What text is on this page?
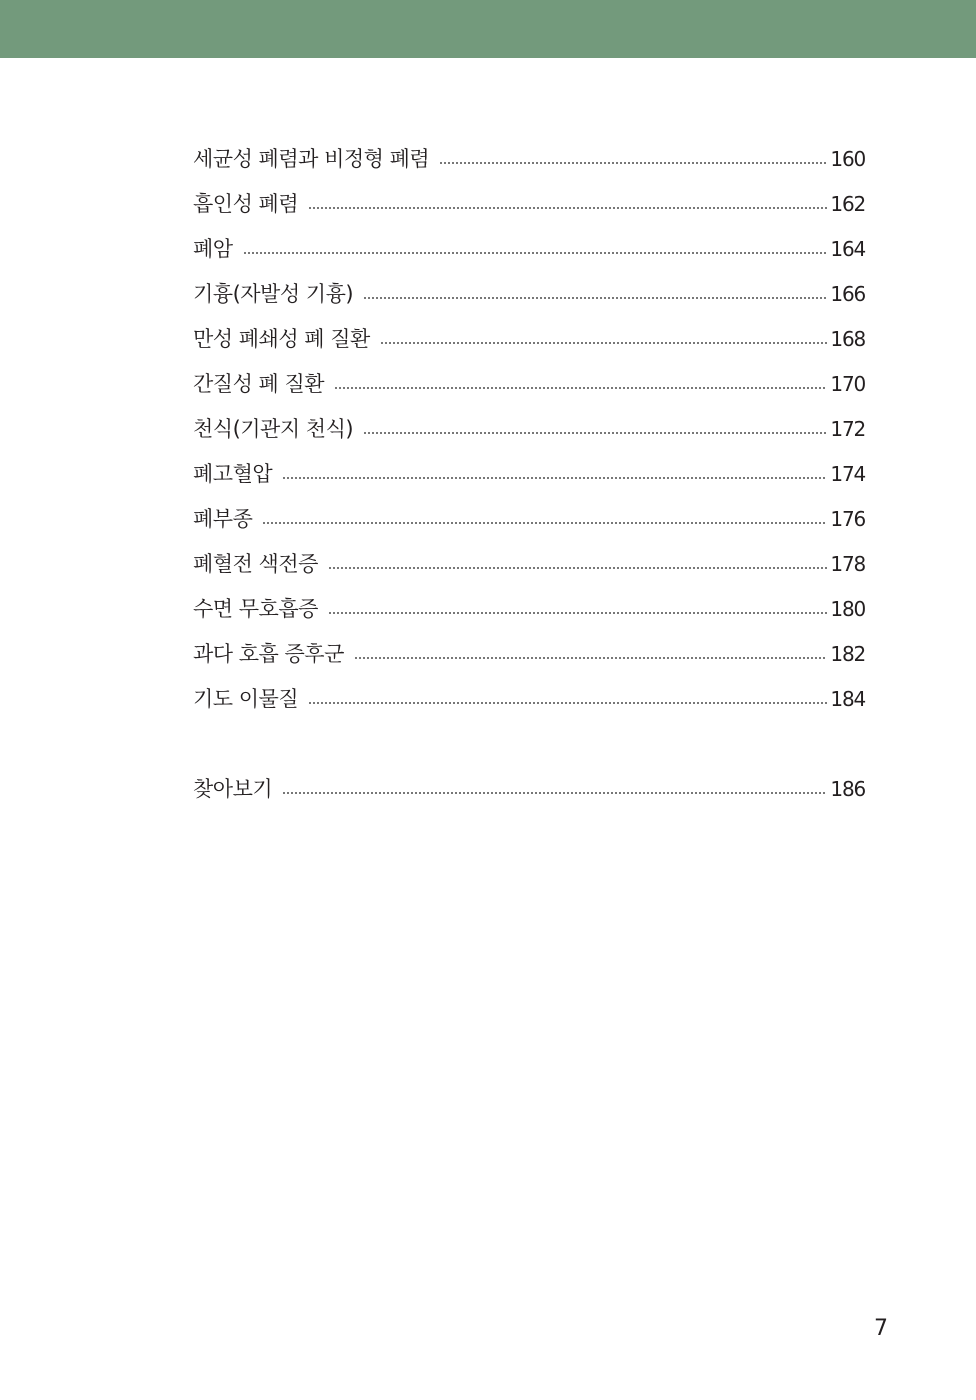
세균성 폐렴과 비정형 폐렴	160
흡인성 폐렴	162
폐암	164
기흉(자발성 기흉)	166
만성 폐쇄성 폐 질환	168
간질성 폐 질환	170
천식(기관지 천식)	172
폐고혈압	174
폐부종	176
폐혈전 색전증	178
수면 무호흡증	180
과다 호흡 증후군	182
기도 이물질	184
찾아보기	186
7
